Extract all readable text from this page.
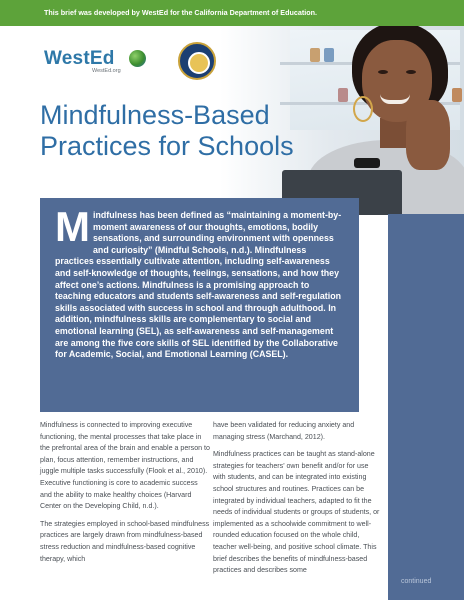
This brief was developed by WestEd for the California Department of Education.
WestEd
WestEd.org
Mindfulness-Based
Practices for Schools

Mindfulness has been defined as “maintaining a moment-by-moment awareness of our thoughts, emotions, bodily sensations, and surrounding environment with openness and curiosity” (Mindful Schools, n.d.). Mindfulness practices essentially cultivate attention, including self-awareness and self-knowledge of thoughts, feelings, sensations, and how they affect one’s actions. Mindfulness is a promising approach to teaching educators and students self-awareness and self-regulation skills associated with success in school and through adulthood. In addition, mindfulness skills are complementary to social and emotional learning (SEL), as self-awareness and self-management are among the five core skills of SEL identified by the Collaborative for Academic, Social, and Emotional Learning (CASEL).

Mindfulness is connected to improving executive functioning, the mental processes that take place in the prefrontal area of the brain and enable a person to plan, focus attention, remember instructions, and juggle multiple tasks successfully (Flook et al., 2010). Executive functioning is core to academic success and the ability to make healthy choices (Harvard Center on the Developing Child, n.d.).

The strategies employed in school-based mindfulness practices are largely drawn from mindfulness-based stress reduction and mindfulness-based cognitive therapy, which

have been validated for reducing anxiety and managing stress (Marchand, 2012).

Mindfulness practices can be taught as stand-alone strategies for teachers’ own benefit and/or for use with students, and can be integrated into existing school structures and routines. Practices can be integrated by individual teachers, adapted to fit the needs of individual students or groups of students, or implemented as a schoolwide commitment to well-rounded education focused on the whole child, teacher well-being, and positive school climate. This brief describes the benefits of mindfulness-based practices and describes some

continued
